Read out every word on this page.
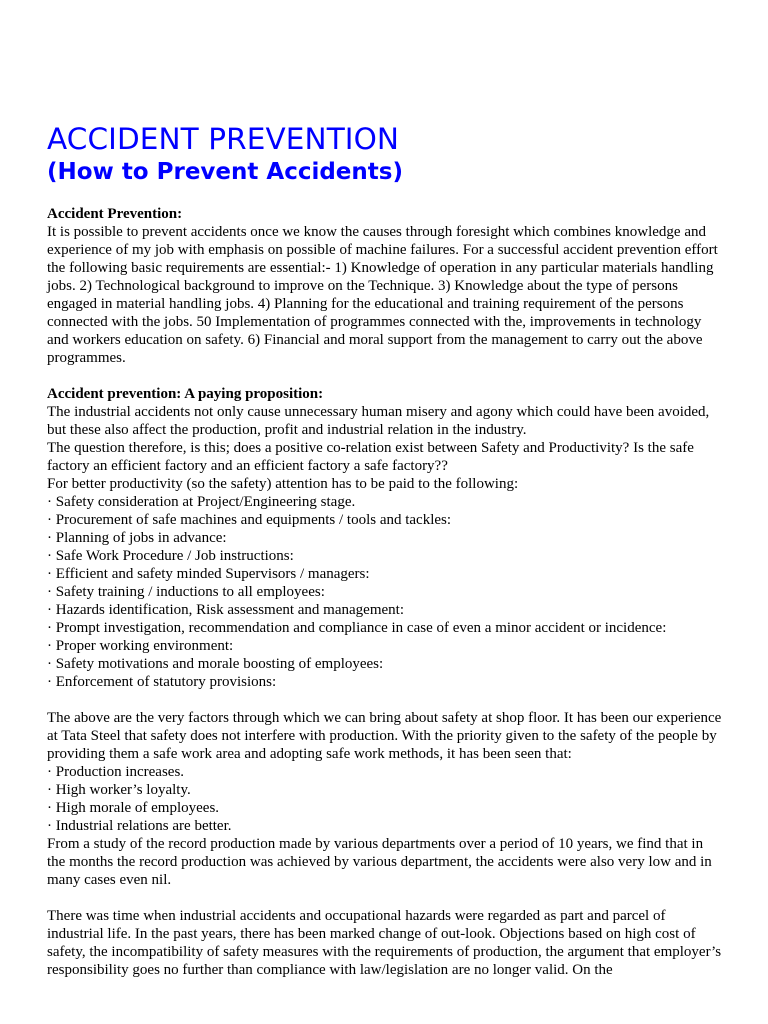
ACCIDENT PREVENTION
(How to Prevent Accidents)

Accident Prevention:

It is possible to prevent accidents once we know the causes through foresight which combines knowledge and experience of my job with emphasis on possible of machine failures. For a successful accident prevention effort the following basic requirements are essential:- 1) Knowledge of operation in any particular materials handling jobs. 2) Technological background to improve on the Technique. 3) Knowledge about the type of persons engaged in material handling jobs. 4) Planning for the educational and training requirement of the persons connected with the jobs. 50 Implementation of programmes connected with the, improvements in technology and workers education on safety. 6) Financial and moral support from the management to carry out the above programmes.

Accident prevention: A paying proposition:

The industrial accidents not only cause unnecessary human misery and agony which could have been avoided, but these also affect the production, profit and industrial relation in the industry.

The question therefore, is this; does a positive co-relation exist between Safety and Productivity? Is the safe factory an efficient factory and an efficient factory a safe factory??

For better productivity (so the safety) attention has to be paid to the following:

· Safety consideration at Project/Engineering stage.
· Procurement of safe machines and equipments / tools and tackles:
· Planning of jobs in advance:
· Safe Work Procedure / Job instructions:
· Efficient and safety minded Supervisors / managers:
· Safety training / inductions to all employees:
· Hazards identification, Risk assessment and management:
· Prompt investigation, recommendation and compliance in case of even a minor accident or incidence:
· Proper working environment:
· Safety motivations and morale boosting of employees:
· Enforcement of statutory provisions:

The above are the very factors through which we can bring about safety at shop floor. It has been our experience at Tata Steel that safety does not interfere with production. With the priority given to the safety of the people by providing them a safe work area and adopting safe work methods, it has been seen that:

· Production increases.
· High worker’s loyalty.
· High morale of employees.
· Industrial relations are better.

From a study of the record production made by various departments over a period of 10 years, we find that in the months the record production was achieved by various department, the accidents were also very low and in many cases even nil.

There was time when industrial accidents and occupational hazards were regarded as part and parcel of industrial life. In the past years, there has been marked change of out-look. Objections based on high cost of safety, the incompatibility of safety measures with the requirements of production, the argument that employer’s responsibility goes no further than compliance with law/legislation are no longer valid. On the
